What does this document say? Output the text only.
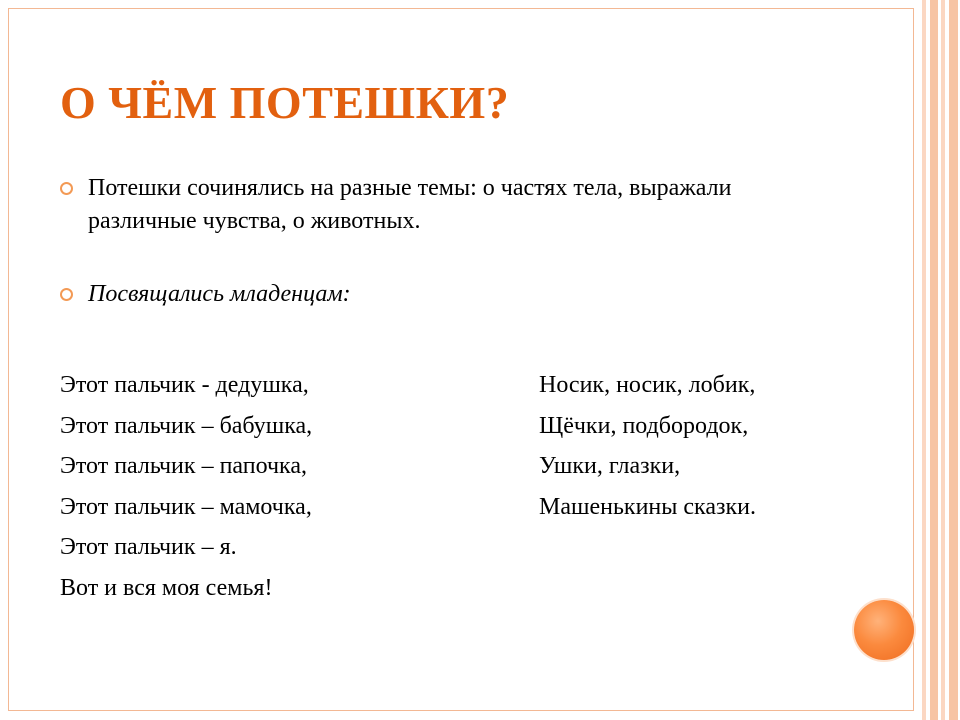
О ЧЁМ ПОТЕШКИ?
Потешки сочинялись на разные темы: о частях тела, выражали различные чувства, о животных.
Посвящались младенцам:
Этот пальчик - дедушка,
Этот пальчик – бабушка,
Этот пальчик – папочка,
Этот пальчик – мамочка,
Этот пальчик – я.
Вот и вся моя семья!
Носик, носик, лобик,
Щёчки, подбородок,
Ушки, глазки,
Машенькины сказки.
